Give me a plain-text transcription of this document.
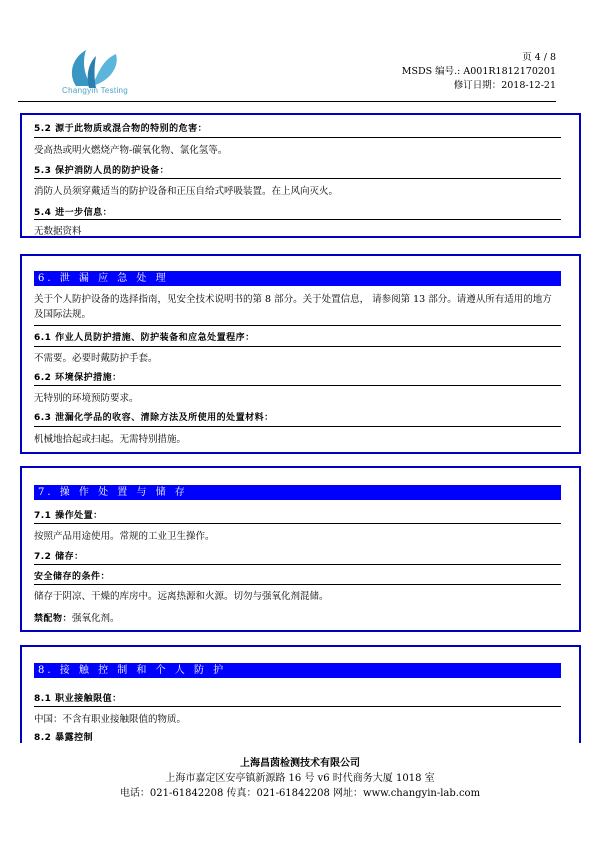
Changyin Testing
页 4 / 8
MSDS 编号.: A001R1812170201
修订日期：2018-12-21
5.2 源于此物质或混合物的特别的危害：
受高热或明火燃烧产物-碳氧化物、氯化氢等。
5.3 保护消防人员的防护设备：
消防人员须穿戴适当的防护设备和正压自给式呼吸装置。在上风向灭火。
5.4 进一步信息：
无数据资料
6. 泄 漏 应 急 处 理
关于个人防护设备的选择指南，见安全技术说明书的第 8 部分。关于处置信息， 请参阅第 13 部分。请遵从所有适用的地方及国际法规。
6.1 作业人员防护措施、防护装备和应急处置程序：
不需要。必要时戴防护手套。
6.2 环境保护措施：
无特别的环境预防要求。
6.3 泄漏化学品的收容、清除方法及所使用的处置材料：
机械地拾起或扫起。无需特别措施。
7. 操 作 处 置 与 储 存
7.1 操作处置：
按照产品用途使用。常规的工业卫生操作。
7.2 储存：
安全储存的条件：
储存于阴凉、干燥的库房中。远离热源和火源。切勿与强氧化剂混储。
禁配物：强氧化剂。
8. 接 触 控 制 和 个 人 防 护
8.1 职业接触限值：
中国：不含有职业接触限值的物质。
8.2 暴露控制
上海昌茵检测技术有限公司
上海市嘉定区安亭镇新源路 16 号 v6 时代商务大厦 1018 室
电话：021-61842208 传真：021-61842208 网址：www.changyin-lab.com
